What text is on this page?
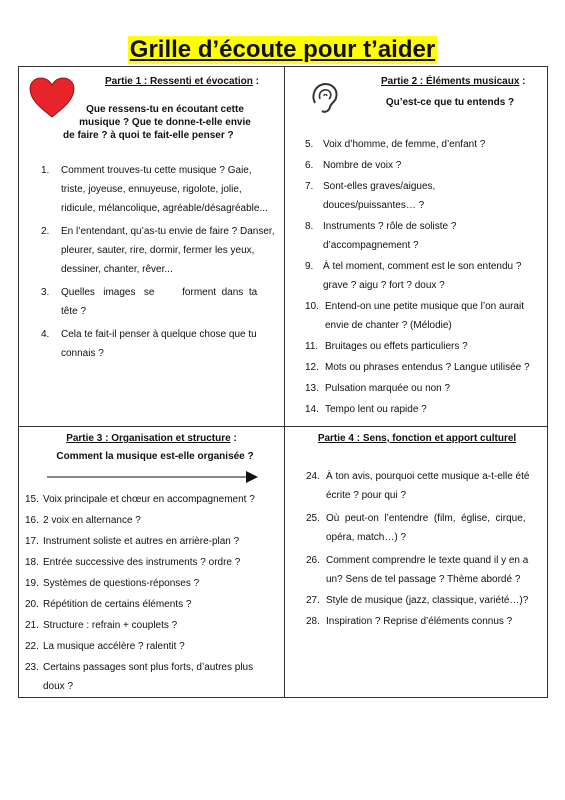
Grille d’écoute pour t’aider
Partie 1 : Ressenti et évocation :
Que ressens-tu en écoutant cette
musique ? Que te donne-t-elle envie
de faire ? à quoi te fait-elle penser ?
1. Comment trouves-tu cette musique ? Gaie,
triste, joyeuse, ennuyeuse, rigolote, jolie,
ridicule, mélancolique, agréable/désagréable...
2. En l’entendant, qu’as-tu envie de faire ? Danser,
pleurer, sauter, rire, dormir, fermer les yeux,
dessiner, chanter, rêver...
3. Quelles   images   se          forment  dans  ta
tête ?
4. Cela te fait-il penser à quelque chose que tu
connais ?
Partie 2 : Éléments musicaux :
Qu’est-ce que tu entends ?
5. Voix d’homme, de femme, d’enfant ?
6. Nombre de voix ?
7. Sont-elles graves/aigues,
douces/puissantes… ?
8. Instruments ? rôle de soliste ?
d’accompagnement ?
9. À tel moment, comment est le son entendu ?
grave ? aigu ? fort ? doux ?
10. Entend-on une petite musique que l’on aurait
envie de chanter ? (Mélodie)
11. Bruitages ou effets particuliers ?
12. Mots ou phrases entendus ? Langue utilisée ?
13. Pulsation marquée ou non ?
14. Tempo lent ou rapide ?
Partie 3 : Organisation et structure :
Comment la musique est-elle organisée ?
15. Voix principale et chœur en accompagnement ?
16. 2 voix en alternance ?
17. Instrument soliste et autres en arrière-plan ?
18. Entrée successive des instruments ? ordre ?
19. Systèmes de questions-réponses ?
20. Répétition de certains éléments ?
21. Structure : refrain + couplets ?
22. La musique accélère ? ralentit ?
23. Certains passages sont plus forts, d’autres plus
doux ?
Partie 4 : Sens, fonction et apport culturel
24. À ton avis, pourquoi cette musique a-t-elle été
écrite ? pour qui ?
25. Où  peut-on  l’entendre  (film,  église,  cirque,
opéra, match…) ?
26. Comment comprendre le texte quand il y en a
un? Sens de tel passage ? Thème abordé ?
27. Style de musique (jazz, classique, variété…)?
28. Inspiration ? Reprise d’éléments connus ?
